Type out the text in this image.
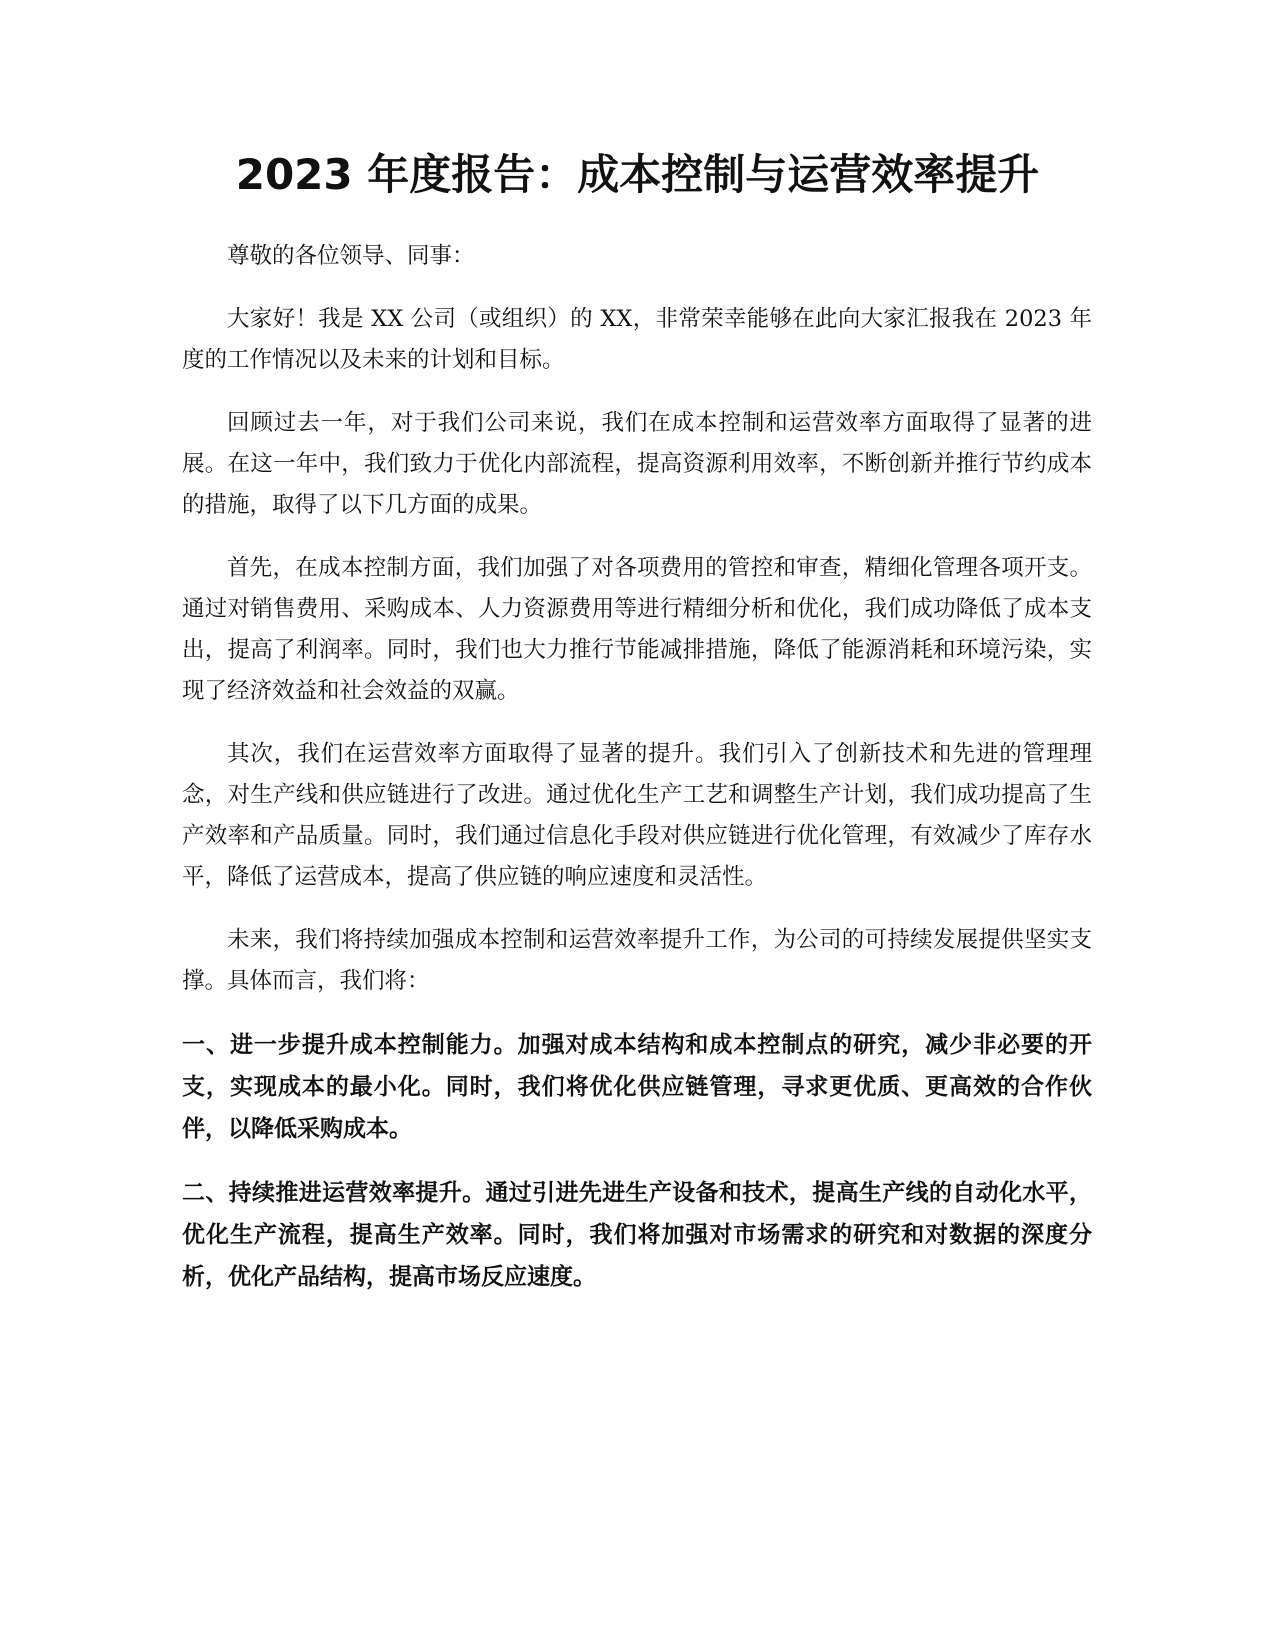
2023 年度报告：成本控制与运营效率提升

尊敬的各位领导、同事：

大家好！我是 XX 公司（或组织）的 XX，非常荣幸能够在此向大家汇报我在 2023 年度的工作情况以及未来的计划和目标。

回顾过去一年，对于我们公司来说，我们在成本控制和运营效率方面取得了显著的进展。在这一年中，我们致力于优化内部流程，提高资源利用效率，不断创新并推行节约成本的措施，取得了以下几方面的成果。

首先，在成本控制方面，我们加强了对各项费用的管控和审查，精细化管理各项开支。通过对销售费用、采购成本、人力资源费用等进行精细分析和优化，我们成功降低了成本支出，提高了利润率。同时，我们也大力推行节能减排措施，降低了能源消耗和环境污染，实现了经济效益和社会效益的双赢。

其次，我们在运营效率方面取得了显著的提升。我们引入了创新技术和先进的管理理念，对生产线和供应链进行了改进。通过优化生产工艺和调整生产计划，我们成功提高了生产效率和产品质量。同时，我们通过信息化手段对供应链进行优化管理，有效减少了库存水平，降低了运营成本，提高了供应链的响应速度和灵活性。

未来，我们将持续加强成本控制和运营效率提升工作，为公司的可持续发展提供坚实支撑。具体而言，我们将：

一、进一步提升成本控制能力。加强对成本结构和成本控制点的研究，减少非必要的开支，实现成本的最小化。同时，我们将优化供应链管理，寻求更优质、更高效的合作伙伴，以降低采购成本。

二、持续推进运营效率提升。通过引进先进生产设备和技术，提高生产线的自动化水平，优化生产流程，提高生产效率。同时，我们将加强对市场需求的研究和对数据的深度分析，优化产品结构，提高市场反应速度。
